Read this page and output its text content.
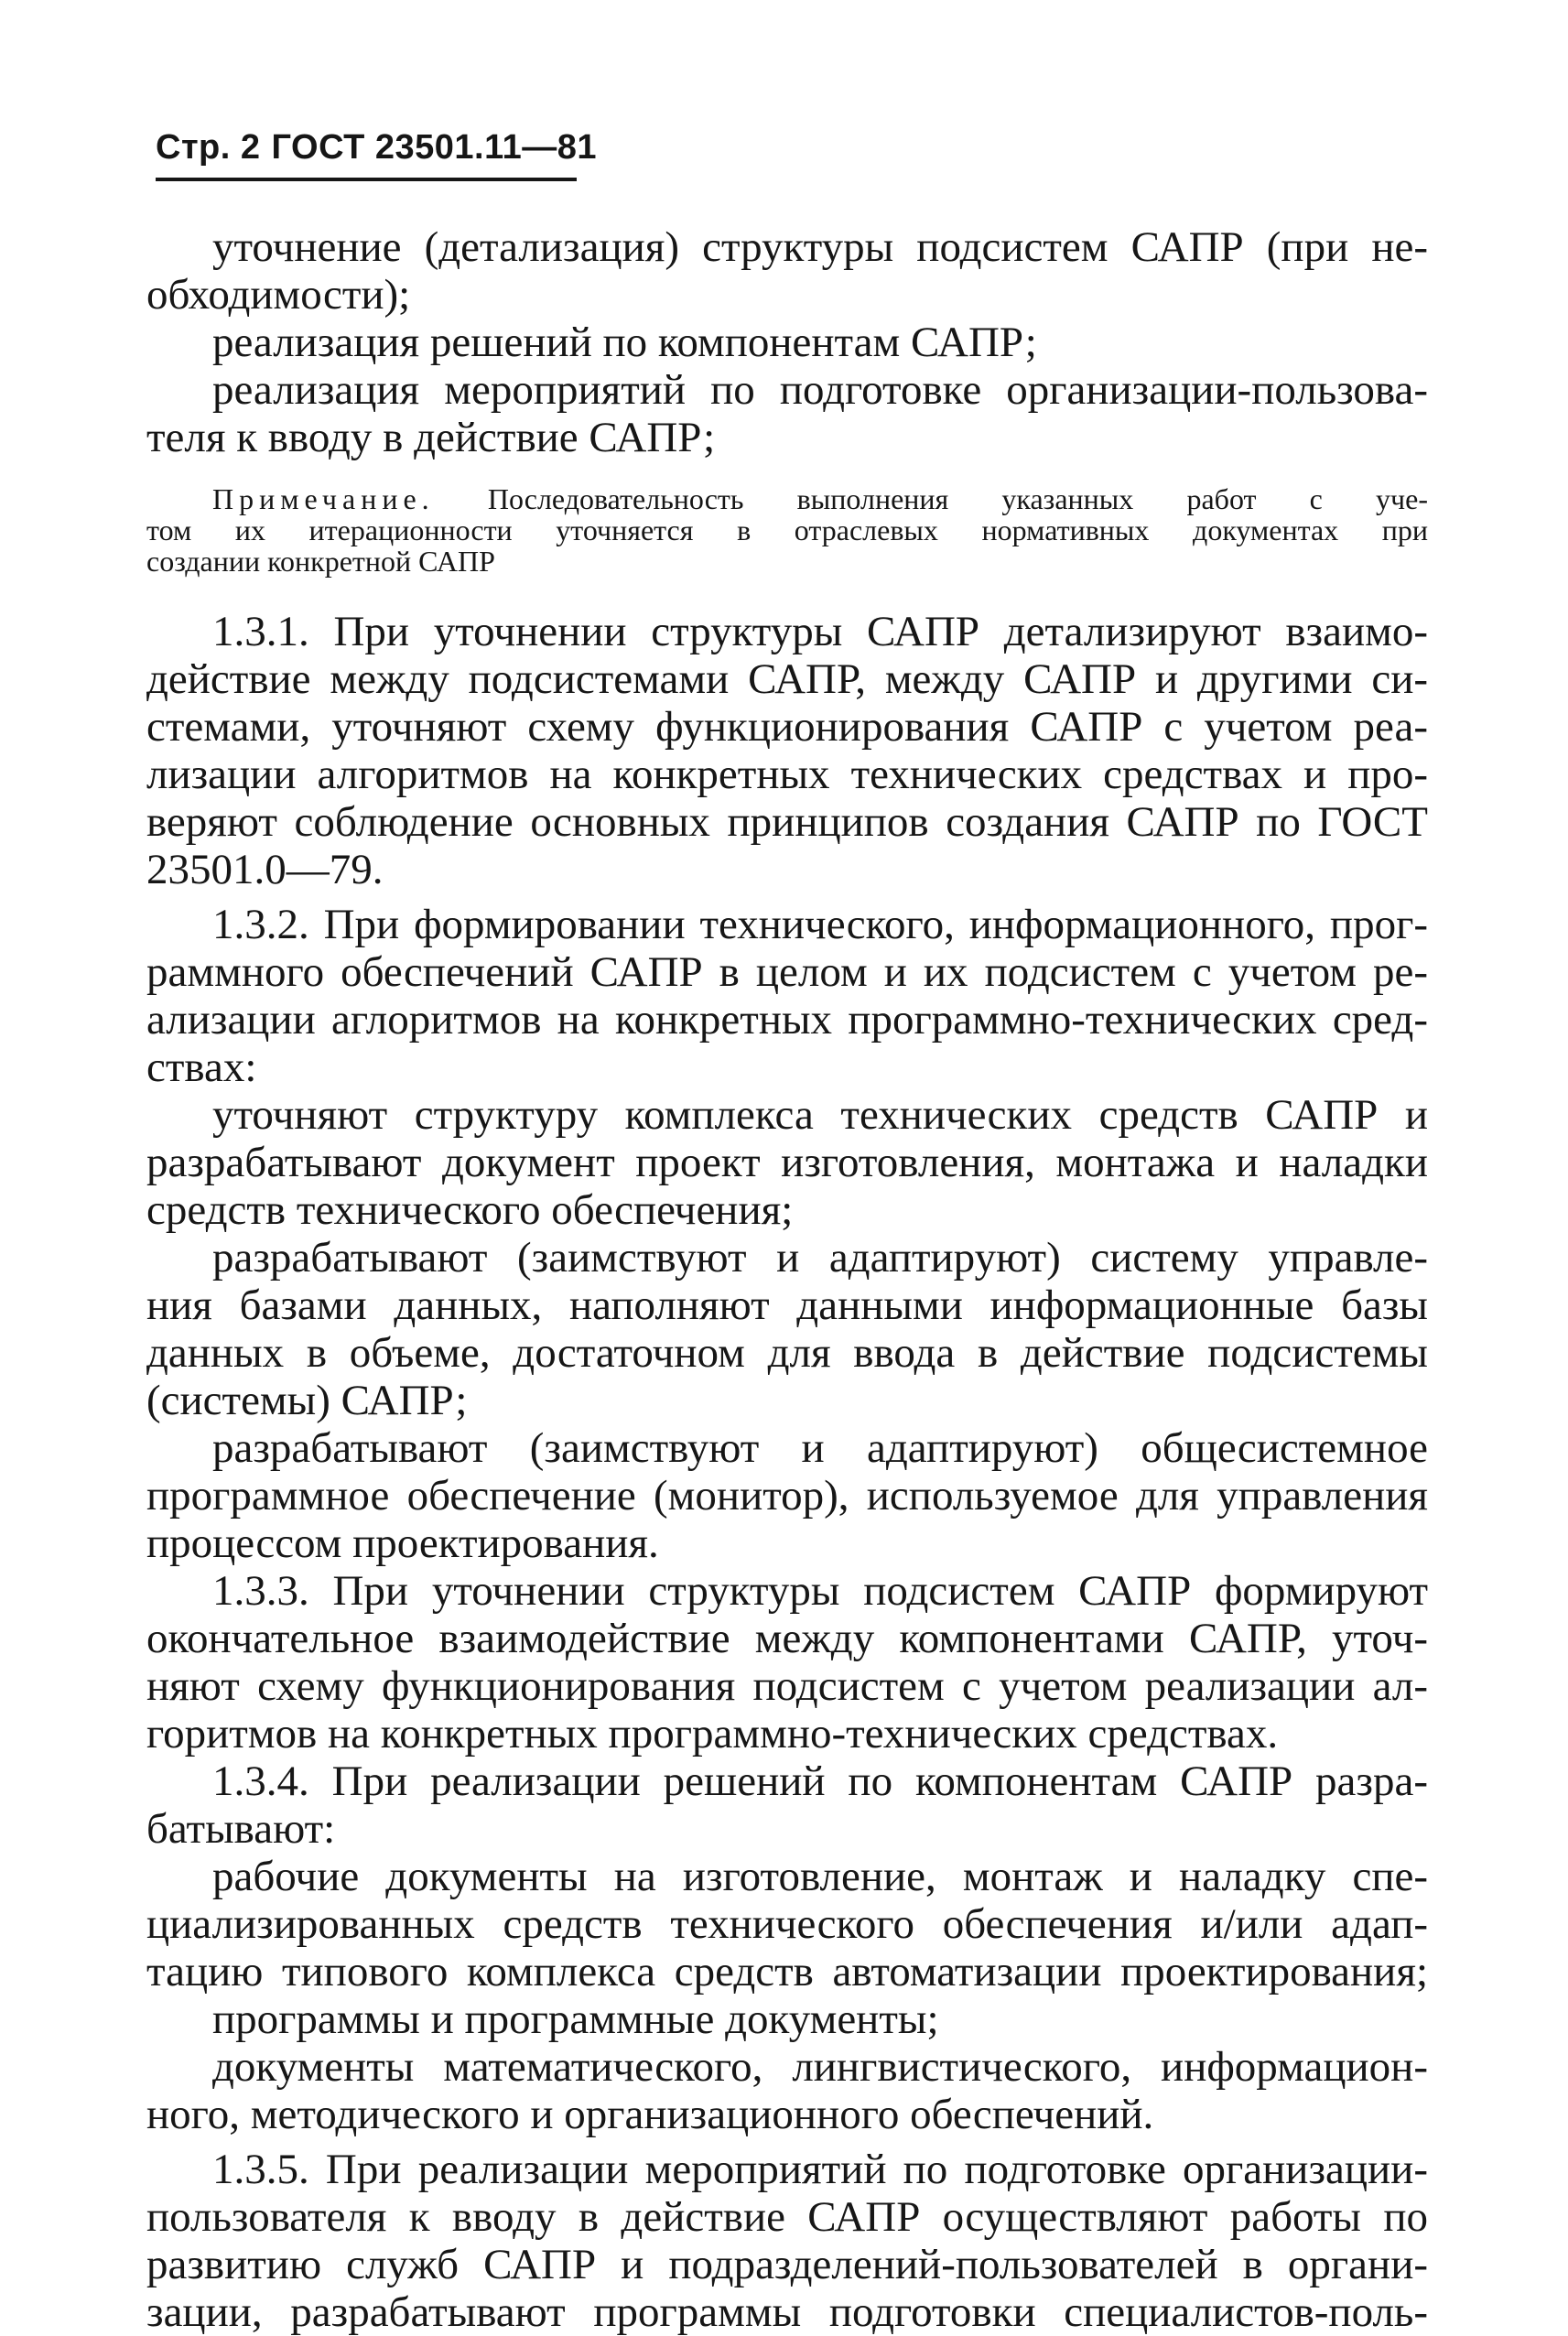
Стр. 2 ГОСТ 23501.11—81
уточнение (детализация) структуры подсистем САПР (при не-
обходимости);
реализация решений по компонентам САПР;
реализация мероприятий по подготовке организации-пользова-
теля к вводу в действие САПР;
Примечание. Последовательность выполнения указанных работ с уче-
том их итерационности уточняется в отраслевых нормативных документах при
создании конкретной САПР
1.3.1. При уточнении структуры САПР детализируют взаимо-
действие между подсистемами САПР, между САПР и другими си-
стемами, уточняют схему функционирования САПР с учетом реа-
лизации алгоритмов на конкретных технических средствах и про-
веряют соблюдение основных принципов создания САПР по ГОСТ
23501.0—79.
1.3.2. При формировании технического, информационного, прог-
раммного обеспечений САПР в целом и их подсистем с учетом ре-
ализации аглоритмов на конкретных программно-технических сред-
ствах:
уточняют структуру комплекса технических средств САПР и
разрабатывают документ проект изготовления, монтажа и наладки
средств технического обеспечения;
разрабатывают (заимствуют и адаптируют) систему управле-
ния базами данных, наполняют данными информационные базы
данных в объеме, достаточном для ввода в действие подсистемы
(системы) САПР;
разрабатывают (заимствуют и адаптируют) общесистемное
программное обеспечение (монитор), используемое для управления
процессом проектирования.
1.3.3. При уточнении структуры подсистем САПР формируют
окончательное взаимодействие между компонентами САПР, уточ-
няют схему функционирования подсистем с учетом реализации ал-
горитмов на конкретных программно-технических средствах.
1.3.4. При реализации решений по компонентам САПР разра-
батывают:
рабочие документы на изготовление, монтаж и наладку спе-
циализированных средств технического обеспечения и/или адап-
тацию типового комплекса средств автоматизации проектирования;
программы и программные документы;
документы математического, лингвистического, информацион-
ного, методического и организационного обеспечений.
1.3.5. При реализации мероприятий по подготовке организации-
пользователя к вводу в действие САПР осуществляют работы по
развитию служб САПР и подразделений-пользователей в органи-
зации, разрабатывают программы подготовки специалистов-поль-
